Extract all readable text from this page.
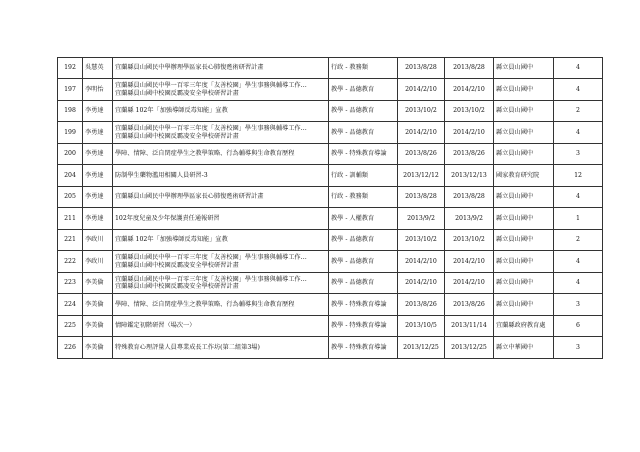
192	吳慧英	宜蘭縣員山國民中學辦理學區家長心肺復甦術研習計畫	行政 - 教務類	2013/8/28	2013/8/28	縣立員山國中	4
197	李明怡	宜蘭縣員山國民中學一百零三年度「友善校園」學生事務與輔導工作…
宜蘭縣員山國中校園反霸凌安全學校研習計畫	教學 - 品德教育	2014/2/10	2014/2/10	縣立員山國中	4
198	李勇達	宜蘭縣 102年「加強導師反毒知能」宣教	教學 - 品德教育	2013/10/2	2013/10/2	縣立員山國中	2
199	李勇達	宜蘭縣員山國民中學一百零三年度「友善校園」學生事務與輔導工作…
宜蘭縣員山國中校園反霸凌安全學校研習計畫	教學 - 品德教育	2014/2/10	2014/2/10	縣立員山國中	4
200	李勇達	學障、情障、泛自閉症學生之教學策略、行為輔導與生命教育歷程	教學 - 特殊教育導論	2013/8/26	2013/8/26	縣立員山國中	3
204	李勇達	防制學生藥物濫用相關人員研習-3	行政 - 訓輔類	2013/12/12	2013/12/13	國家教育研究院	12
205	李勇達	宜蘭縣員山國民中學辦理學區家長心肺復甦術研習計畫	行政 - 教務類	2013/8/28	2013/8/28	縣立員山國中	4
211	李勇達	102年度兒童及少年保護責任通報研習	教學 - 人權教育	2013/9/2	2013/9/2	縣立員山國中	1
221	李政川	宜蘭縣 102年「加強導師反毒知能」宣教	教學 - 品德教育	2013/10/2	2013/10/2	縣立員山國中	2
222	李政川	宜蘭縣員山國民中學一百零三年度「友善校園」學生事務與輔導工作…
宜蘭縣員山國中校園反霸凌安全學校研習計畫	教學 - 品德教育	2014/2/10	2014/2/10	縣立員山國中	4
223	李美倫	宜蘭縣員山國民中學一百零三年度「友善校園」學生事務與輔導工作…
宜蘭縣員山國中校園反霸凌安全學校研習計畫	教學 - 品德教育	2014/2/10	2014/2/10	縣立員山國中	4
224	李美倫	學障、情障、泛自閉症學生之教學策略、行為輔導與生命教育歷程	教學 - 特殊教育導論	2013/8/26	2013/8/26	縣立員山國中	3
225	李美倫	情障鑑定初階研習（場次一）	教學 - 特殊教育導論	2013/10/5	2013/11/14	宜蘭縣政府教育處	6
226	李美倫	特殊教育心理評量人員專業成長工作坊(第二組第3場)	教學 - 特殊教育導論	2013/12/25	2013/12/25	縣立中華國中	3
